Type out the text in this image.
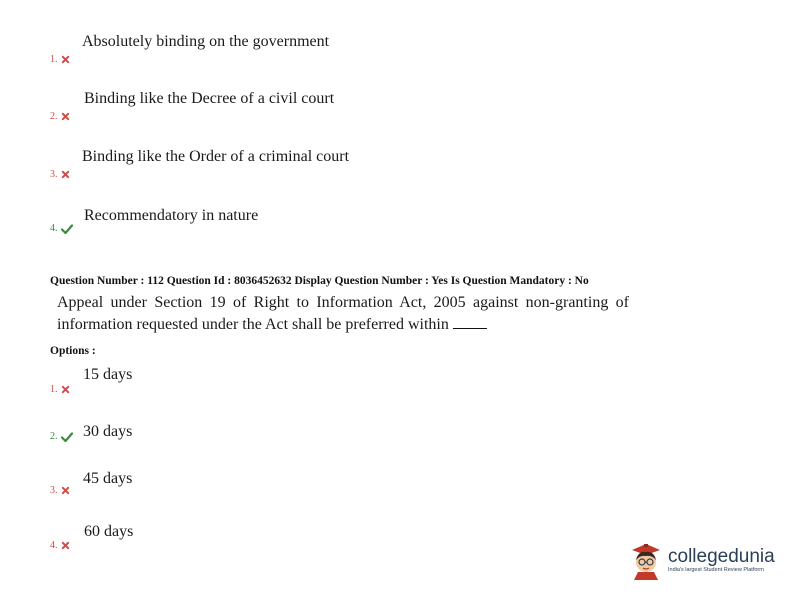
Absolutely binding on the government
1.
Binding like the Decree of a civil court
2.
Binding like the Order of a criminal court
3.
Recommendatory in nature
4.
Question Number : 112 Question Id : 8036452632 Display Question Number : Yes Is Question Mandatory : No
Appeal under Section 19 of Right to Information Act, 2005 against non-granting of information requested under the Act shall be preferred within
Options :
15 days
1.
30 days
2.
45 days
3.
60 days
4.
collegedunia
India's largest Student Review Platform
